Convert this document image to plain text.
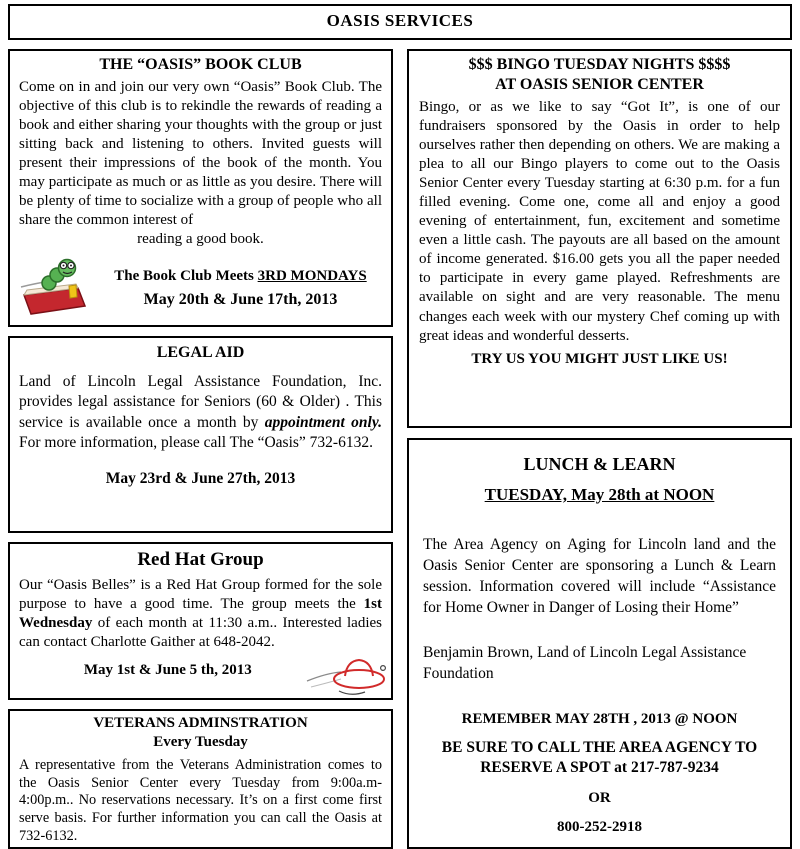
OASIS SERVICES
THE “OASIS” BOOK CLUB

Come on in and join our very own “Oasis” Book Club. The objective of this club is to rekindle the rewards of reading a book and either sharing your thoughts with the group or just sitting back and listening to others. Invited guests will present their impressions of the book of the month. You may participate as much or as little as you desire. There will be plenty of time to socialize with a group of people who all share the common interest of

reading a good book.
The Book Club Meets 3RD MONDAYS
May 20th & June 17th, 2013
LEGAL AID

Land of Lincoln Legal Assistance Foundation, Inc. provides legal assistance for Seniors (60 & Older) . This service is available once a month by appointment only. For more information, please call The “Oasis” 732-6132.

May 23rd & June 27th, 2013
Red Hat Group

Our “Oasis Belles” is a Red Hat Group formed for the sole purpose to have a good time. The group meets the 1st Wednesday of each month at 11:30 a.m.. Interested ladies can contact Charlotte Gaither at 648-2042.

May 1st & June 5 th, 2013
VETERANS ADMINSTRATION
Every Tuesday

A representative from the Veterans Administration comes to the Oasis Senior Center every Tuesday from 9:00a.m- 4:00p.m.. No reservations necessary. It’s on a first come first serve basis. For further information you can call the Oasis at 732-6132.

$$$ BINGO TUESDAY NIGHTS $$$$
AT OASIS SENIOR CENTER

Bingo, or as we like to say “Got It”, is one of our fundraisers sponsored by the Oasis in order to help ourselves rather then depending on others. We are making a plea to all our Bingo players to come out to the Oasis Senior Center every Tuesday starting at 6:30 p.m. for a fun filled evening. Come one, come all and enjoy a good evening of entertainment, fun, excitement and sometime even a little cash. The payouts are all based on the amount of income generated. $16.00 gets you all the paper needed to participate in every game played. Refreshments are available on sight and are very reasonable. The menu changes each week with our mystery Chef coming up with great ideas and wonderful desserts.

TRY US YOU MIGHT JUST LIKE US!
LUNCH & LEARN
TUESDAY, May 28th at NOON

The Area Agency on Aging for Lincoln land and the Oasis Senior Center are sponsoring a Lunch & Learn session. Information covered will include “Assistance for Home Owner in Danger of Losing their Home”

Benjamin Brown, Land of Lincoln Legal Assistance Foundation

REMEMBER MAY 28TH , 2013 @ NOON
BE SURE TO CALL THE AREA AGENCY TO RESERVE A SPOT at 217-787-9234
OR
800-252-2918
